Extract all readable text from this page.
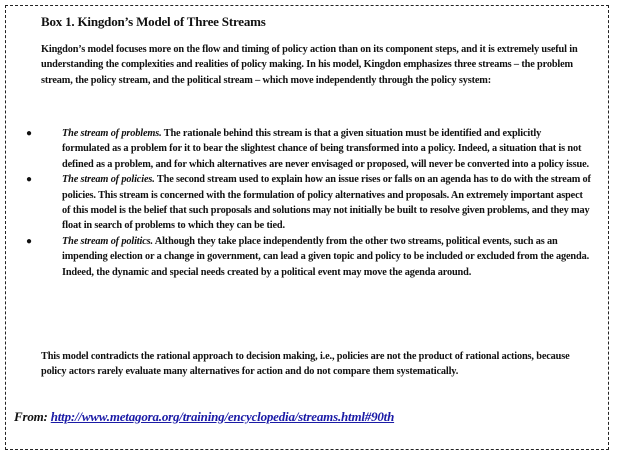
Box 1. Kingdon’s Model of Three Streams

Kingdon’s model focuses more on the flow and timing of policy action than on its component steps, and it is extremely useful in understanding the complexities and realities of policy making. In his model, Kingdon emphasizes three streams – the problem stream, the policy stream, and the political stream – which move independently through the policy system:

●	The stream of problems. The rationale behind this stream is that a given situation must be identified and explicitly formulated as a problem for it to bear the slightest chance of being transformed into a policy. Indeed, a situation that is not defined as a problem, and for which alternatives are never envisaged or proposed, will never be converted into a policy issue.
●	The stream of policies. The second stream used to explain how an issue rises or falls on an agenda has to do with the stream of policies. This stream is concerned with the formulation of policy alternatives and proposals. An extremely important aspect of this model is the belief that such proposals and solutions may not initially be built to resolve given problems, and they may float in search of problems to which they can be tied.
●	The stream of politics. Although they take place independently from the other two streams, political events, such as an impending election or a change in government, can lead a given topic and policy to be included or excluded from the agenda. Indeed, the dynamic and special needs created by a political event may move the agenda around.

This model contradicts the rational approach to decision making, i.e., policies are not the product of rational actions, because policy actors rarely evaluate many alternatives for action and do not compare them systematically.

From: http://www.metagora.org/training/encyclopedia/streams.html#90th
